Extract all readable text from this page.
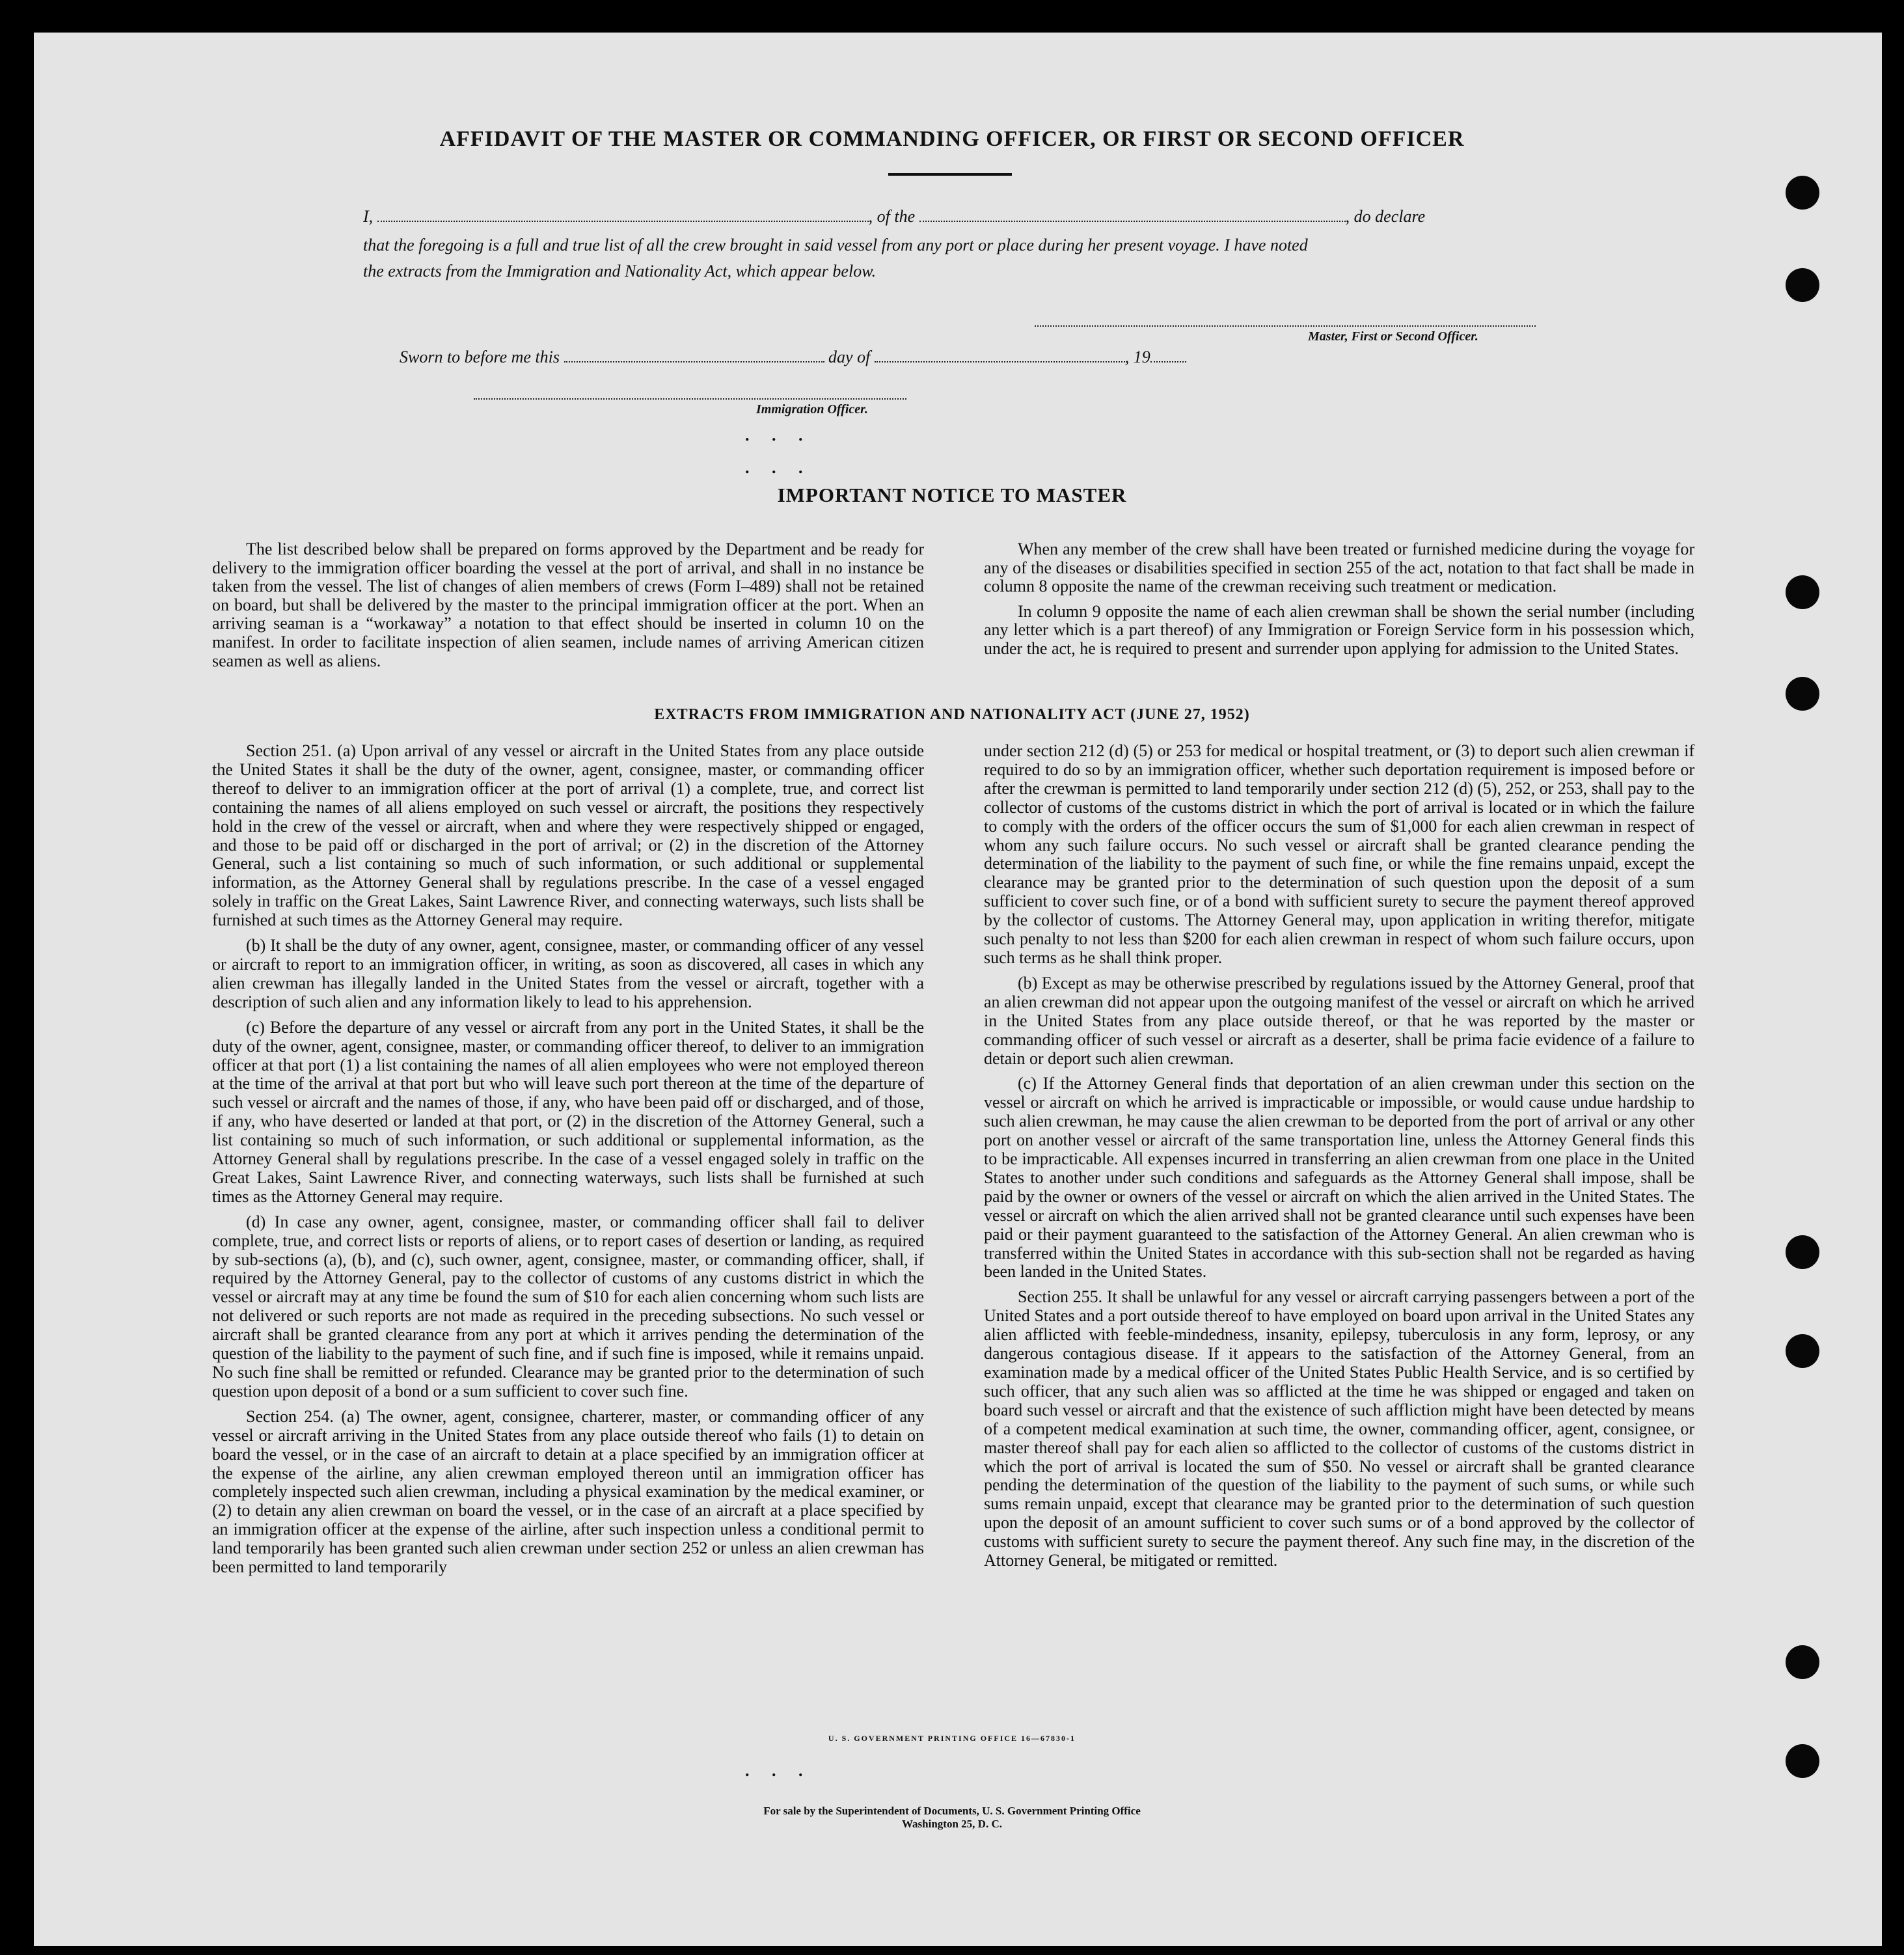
AFFIDAVIT OF THE MASTER OR COMMANDING OFFICER, OR FIRST OR SECOND OFFICER
I,	, of the	, do declare
that the foregoing is a full and true list of all the crew brought in said vessel from any port or place during her present voyage. I have noted
the extracts from the Immigration and Nationality Act, which appear below.
Master, First or Second Officer.
Sworn to before me this	day of	, 19
Immigration Officer.
. . .
. . .
IMPORTANT NOTICE TO MASTER

The list described below shall be prepared on forms approved by the Department and be ready for delivery to the immigration officer boarding the vessel at the port of arrival, and shall in no instance be taken from the vessel. The list of changes of alien members of crews (Form I–489) shall not be retained on board, but shall be delivered by the master to the principal immigration officer at the port. When an arriving seaman is a “workaway” a notation to that effect should be inserted in column 10 on the manifest. In order to facilitate inspection of alien seamen, include names of arriving American citizen seamen as well as aliens.

When any member of the crew shall have been treated or furnished medicine during the voyage for any of the diseases or disabilities specified in section 255 of the act, notation to that fact shall be made in column 8 opposite the name of the crewman receiving such treatment or medication.

In column 9 opposite the name of each alien crewman shall be shown the serial number (including any letter which is a part thereof) of any Immigration or Foreign Service form in his possession which, under the act, he is required to present and surrender upon applying for admission to the United States.

EXTRACTS FROM IMMIGRATION AND NATIONALITY ACT (JUNE 27, 1952)

Section 251. (a) Upon arrival of any vessel or aircraft in the United States from any place outside the United States it shall be the duty of the owner, agent, consignee, master, or commanding officer thereof to deliver to an immigration officer at the port of arrival (1) a complete, true, and correct list containing the names of all aliens employed on such vessel or aircraft, the positions they respectively hold in the crew of the vessel or aircraft, when and where they were respectively shipped or engaged, and those to be paid off or discharged in the port of arrival; or (2) in the discretion of the Attorney General, such a list containing so much of such information, or such additional or supplemental information, as the Attorney General shall by regulations prescribe. In the case of a vessel engaged solely in traffic on the Great Lakes, Saint Lawrence River, and connecting waterways, such lists shall be furnished at such times as the Attorney General may require.

(b) It shall be the duty of any owner, agent, consignee, master, or commanding officer of any vessel or aircraft to report to an immigration officer, in writing, as soon as discovered, all cases in which any alien crewman has illegally landed in the United States from the vessel or aircraft, together with a description of such alien and any information likely to lead to his apprehension.

(c) Before the departure of any vessel or aircraft from any port in the United States, it shall be the duty of the owner, agent, consignee, master, or commanding officer thereof, to deliver to an immigration officer at that port (1) a list containing the names of all alien employees who were not employed thereon at the time of the arrival at that port but who will leave such port thereon at the time of the departure of such vessel or aircraft and the names of those, if any, who have been paid off or discharged, and of those, if any, who have deserted or landed at that port, or (2) in the discretion of the Attorney General, such a list containing so much of such information, or such additional or supplemental information, as the Attorney General shall by regulations prescribe. In the case of a vessel engaged solely in traffic on the Great Lakes, Saint Lawrence River, and connecting waterways, such lists shall be furnished at such times as the Attorney General may require.

(d) In case any owner, agent, consignee, master, or commanding officer shall fail to deliver complete, true, and correct lists or reports of aliens, or to report cases of desertion or landing, as required by sub-sections (a), (b), and (c), such owner, agent, consignee, master, or commanding officer, shall, if required by the Attorney General, pay to the collector of customs of any customs district in which the vessel or aircraft may at any time be found the sum of $10 for each alien concerning whom such lists are not delivered or such reports are not made as required in the preceding subsections. No such vessel or aircraft shall be granted clearance from any port at which it arrives pending the determination of the question of the liability to the payment of such fine, and if such fine is imposed, while it remains unpaid. No such fine shall be remitted or refunded. Clearance may be granted prior to the determination of such question upon deposit of a bond or a sum sufficient to cover such fine.

Section 254. (a) The owner, agent, consignee, charterer, master, or commanding officer of any vessel or aircraft arriving in the United States from any place outside thereof who fails (1) to detain on board the vessel, or in the case of an aircraft to detain at a place specified by an immigration officer at the expense of the airline, any alien crewman employed thereon until an immigration officer has completely inspected such alien crewman, including a physical examination by the medical examiner, or (2) to detain any alien crewman on board the vessel, or in the case of an aircraft at a place specified by an immigration officer at the expense of the airline, after such inspection unless a conditional permit to land temporarily has been granted such alien crewman under section 252 or unless an alien crewman has been permitted to land temporarily

under section 212 (d) (5) or 253 for medical or hospital treatment, or (3) to deport such alien crewman if required to do so by an immigration officer, whether such deportation requirement is imposed before or after the crewman is permitted to land temporarily under section 212 (d) (5), 252, or 253, shall pay to the collector of customs of the customs district in which the port of arrival is located or in which the failure to comply with the orders of the officer occurs the sum of $1,000 for each alien crewman in respect of whom any such failure occurs. No such vessel or aircraft shall be granted clearance pending the determination of the liability to the payment of such fine, or while the fine remains unpaid, except the clearance may be granted prior to the determination of such question upon the deposit of a sum sufficient to cover such fine, or of a bond with sufficient surety to secure the payment thereof approved by the collector of customs. The Attorney General may, upon application in writing therefor, mitigate such penalty to not less than $200 for each alien crewman in respect of whom such failure occurs, upon such terms as he shall think proper.

(b) Except as may be otherwise prescribed by regulations issued by the Attorney General, proof that an alien crewman did not appear upon the outgoing manifest of the vessel or aircraft on which he arrived in the United States from any place outside thereof, or that he was reported by the master or commanding officer of such vessel or aircraft as a deserter, shall be prima facie evidence of a failure to detain or deport such alien crewman.

(c) If the Attorney General finds that deportation of an alien crewman under this section on the vessel or aircraft on which he arrived is impracticable or impossible, or would cause undue hardship to such alien crewman, he may cause the alien crewman to be deported from the port of arrival or any other port on another vessel or aircraft of the same transportation line, unless the Attorney General finds this to be impracticable. All expenses incurred in transferring an alien crewman from one place in the United States to another under such conditions and safeguards as the Attorney General shall impose, shall be paid by the owner or owners of the vessel or aircraft on which the alien arrived in the United States. The vessel or aircraft on which the alien arrived shall not be granted clearance until such expenses have been paid or their payment guaranteed to the satisfaction of the Attorney General. An alien crewman who is transferred within the United States in accordance with this sub-section shall not be regarded as having been landed in the United States.

Section 255. It shall be unlawful for any vessel or aircraft carrying passengers between a port of the United States and a port outside thereof to have employed on board upon arrival in the United States any alien afflicted with feeble-mindedness, insanity, epilepsy, tuberculosis in any form, leprosy, or any dangerous contagious disease. If it appears to the satisfaction of the Attorney General, from an examination made by a medical officer of the United States Public Health Service, and is so certified by such officer, that any such alien was so afflicted at the time he was shipped or engaged and taken on board such vessel or aircraft and that the existence of such affliction might have been detected by means of a competent medical examination at such time, the owner, commanding officer, agent, consignee, or master thereof shall pay for each alien so afflicted to the collector of customs of the customs district in which the port of arrival is located the sum of $50. No vessel or aircraft shall be granted clearance pending the determination of the question of the liability to the payment of such sums, or while such sums remain unpaid, except that clearance may be granted prior to the determination of such question upon the deposit of an amount sufficient to cover such sums or of a bond approved by the collector of customs with sufficient surety to secure the payment thereof. Any such fine may, in the discretion of the Attorney General, be mitigated or remitted.

U. S. GOVERNMENT PRINTING OFFICE 16—67830-1
. . .
For sale by the Superintendent of Documents, U. S. Government Printing Office
Washington 25, D. C.
